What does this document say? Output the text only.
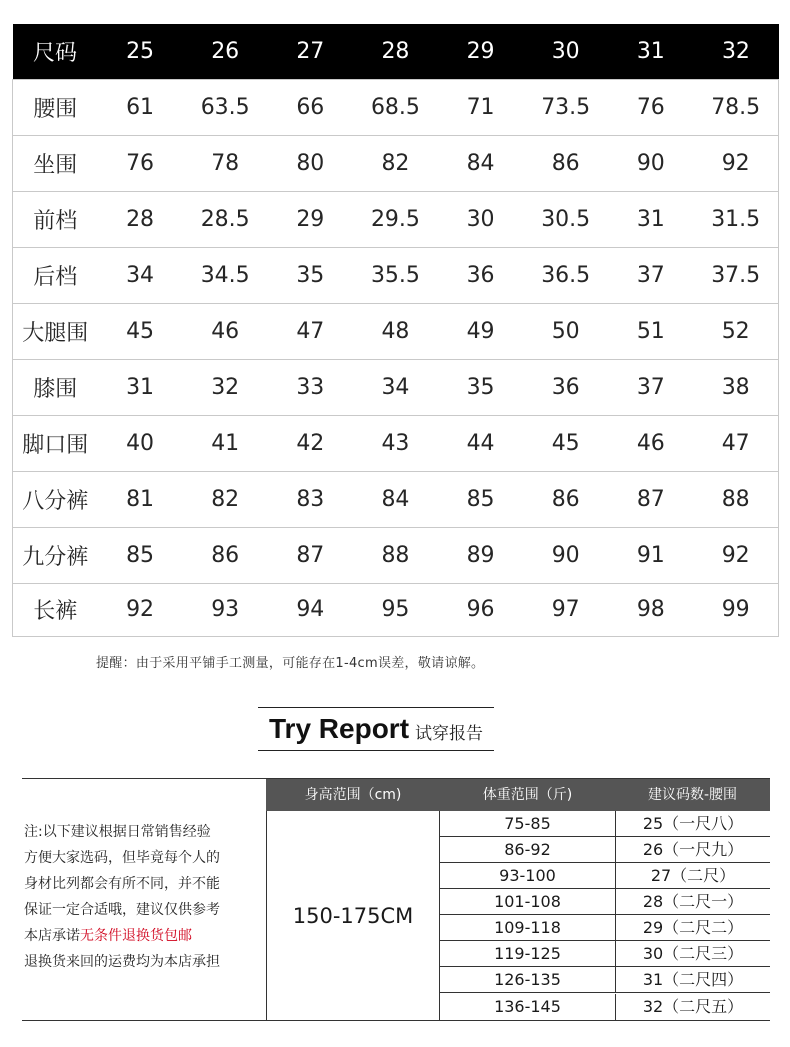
尺码	25	26	27	28	29	30	31	32
腰围	61	63.5	66	68.5	71	73.5	76	78.5
坐围	76	78	80	82	84	86	90	92
前档	28	28.5	29	29.5	30	30.5	31	31.5
后档	34	34.5	35	35.5	36	36.5	37	37.5
大腿围	45	46	47	48	49	50	51	52
膝围	31	32	33	34	35	36	37	38
脚口围	40	41	42	43	44	45	46	47
八分裤	81	82	83	84	85	86	87	88
九分裤	85	86	87	88	89	90	91	92
长裤	92	93	94	95	96	97	98	99
提醒：由于采用平铺手工测量，可能存在1-4cm误差，敬请谅解。
Try Report 试穿报告
注:以下建议根据日常销售经验
方便大家选码，但毕竟每个人的
身材比列都会有所不同，并不能
保证一定合适哦，建议仅供参考
本店承诺无条件退换货包邮
退换货来回的运费均为本店承担
身高范围（cm)	体重范围（斤)	建议码数-腰围
150-175CM
75-85	25（一尺八）
86-92	26（一尺九）
93-100	27（二尺）
101-108	28（二尺一）
109-118	29（二尺二）
119-125	30（二尺三）
126-135	31（二尺四）
136-145	32（二尺五）
